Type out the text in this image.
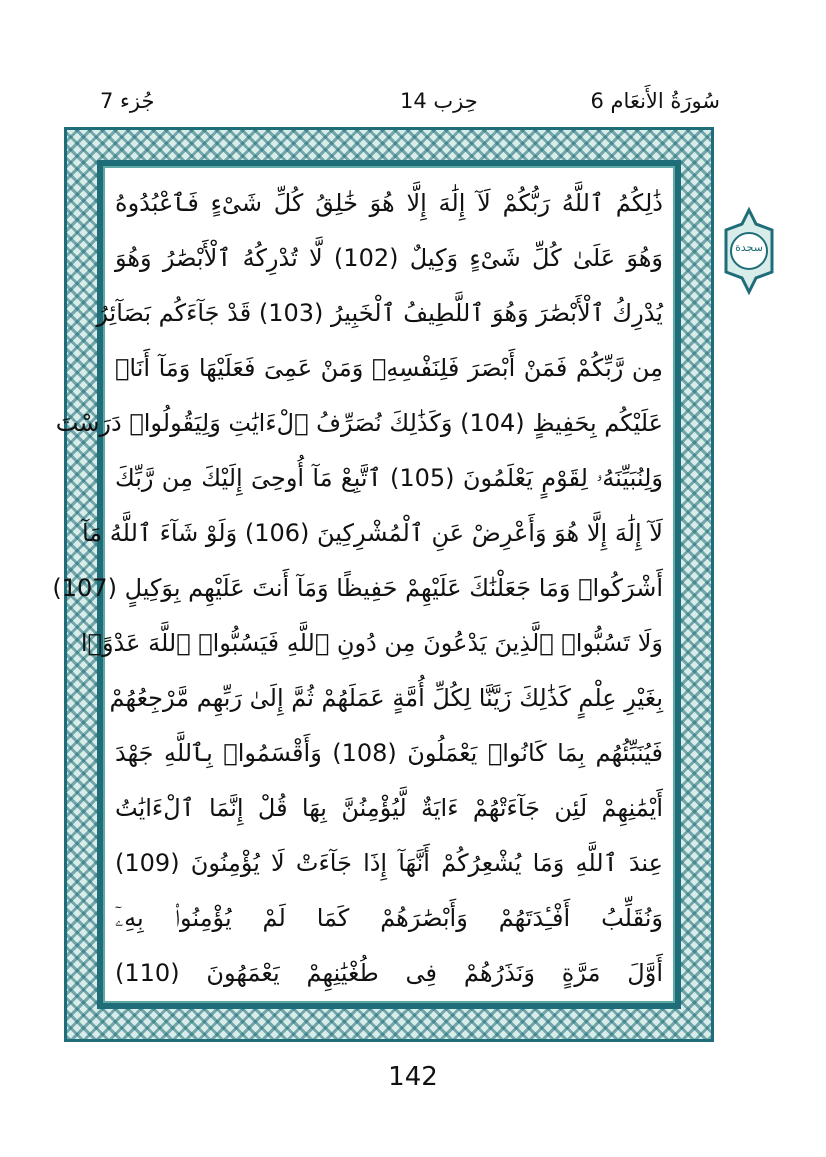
6 سُورَةُ الأَنعَام
حِزب 14
جُزء 7
ذَٰلِكُمُ ٱللَّهُ رَبُّكُمْ لَآ إِلَٰهَ إِلَّا هُوَ خَٰلِقُ كُلِّ شَىْءٍ فَٱعْبُدُوهُ
وَهُوَ عَلَىٰ كُلِّ شَىْءٍ وَكِيلٌ (102) لَّا تُدْرِكُهُ ٱلْأَبْصَٰرُ وَهُوَ
يُدْرِكُ ٱلْأَبْصَٰرَ وَهُوَ ٱللَّطِيفُ ٱلْخَبِيرُ (103) قَدْ جَآءَكُم بَصَآئِرُ
مِن رَّبِّكُمْ فَمَنْ أَبْصَرَ فَلِنَفْسِهِۦ وَمَنْ عَمِىَ فَعَلَيْهَا وَمَآ أَنَا۠
عَلَيْكُم بِحَفِيظٍ (104) وَكَذَٰلِكَ نُصَرِّفُ ٱلْءَايَٰتِ وَلِيَقُولُوا۟ دَرَسْتَ
وَلِنُبَيِّنَهُۥ لِقَوْمٍ يَعْلَمُونَ (105) ٱتَّبِعْ مَآ أُوحِىَ إِلَيْكَ مِن رَّبِّكَ
لَآ إِلَٰهَ إِلَّا هُوَ وَأَعْرِضْ عَنِ ٱلْمُشْرِكِينَ (106) وَلَوْ شَآءَ ٱللَّهُ مَآ
أَشْرَكُوا۟ وَمَا جَعَلْنَٰكَ عَلَيْهِمْ حَفِيظًا وَمَآ أَنتَ عَلَيْهِم بِوَكِيلٍ (107)
وَلَا تَسُبُّوا۟ ٱلَّذِينَ يَدْعُونَ مِن دُونِ ٱللَّهِ فَيَسُبُّوا۟ ٱللَّهَ عَدْوًۢا
بِغَيْرِ عِلْمٍ كَذَٰلِكَ زَيَّنَّا لِكُلِّ أُمَّةٍ عَمَلَهُمْ ثُمَّ إِلَىٰ رَبِّهِم مَّرْجِعُهُمْ
فَيُنَبِّئُهُم بِمَا كَانُوا۟ يَعْمَلُونَ (108) وَأَقْسَمُوا۟ بِٱللَّهِ جَهْدَ
أَيْمَٰنِهِمْ لَئِن جَآءَتْهُمْ ءَايَةٌ لَّيُؤْمِنُنَّ بِهَا قُلْ إِنَّمَا ٱلْءَايَٰتُ
عِندَ ٱللَّهِ وَمَا يُشْعِرُكُمْ أَنَّهَآ إِذَا جَآءَتْ لَا يُؤْمِنُونَ (109)
وَنُقَلِّبُ أَفْـِٔدَتَهُمْ وَأَبْصَٰرَهُمْ كَمَا لَمْ يُؤْمِنُوا۟ بِهِۦٓ
أَوَّلَ مَرَّةٍ وَنَذَرُهُمْ فِى طُغْيَٰنِهِمْ يَعْمَهُونَ (110)
سجدة
142
